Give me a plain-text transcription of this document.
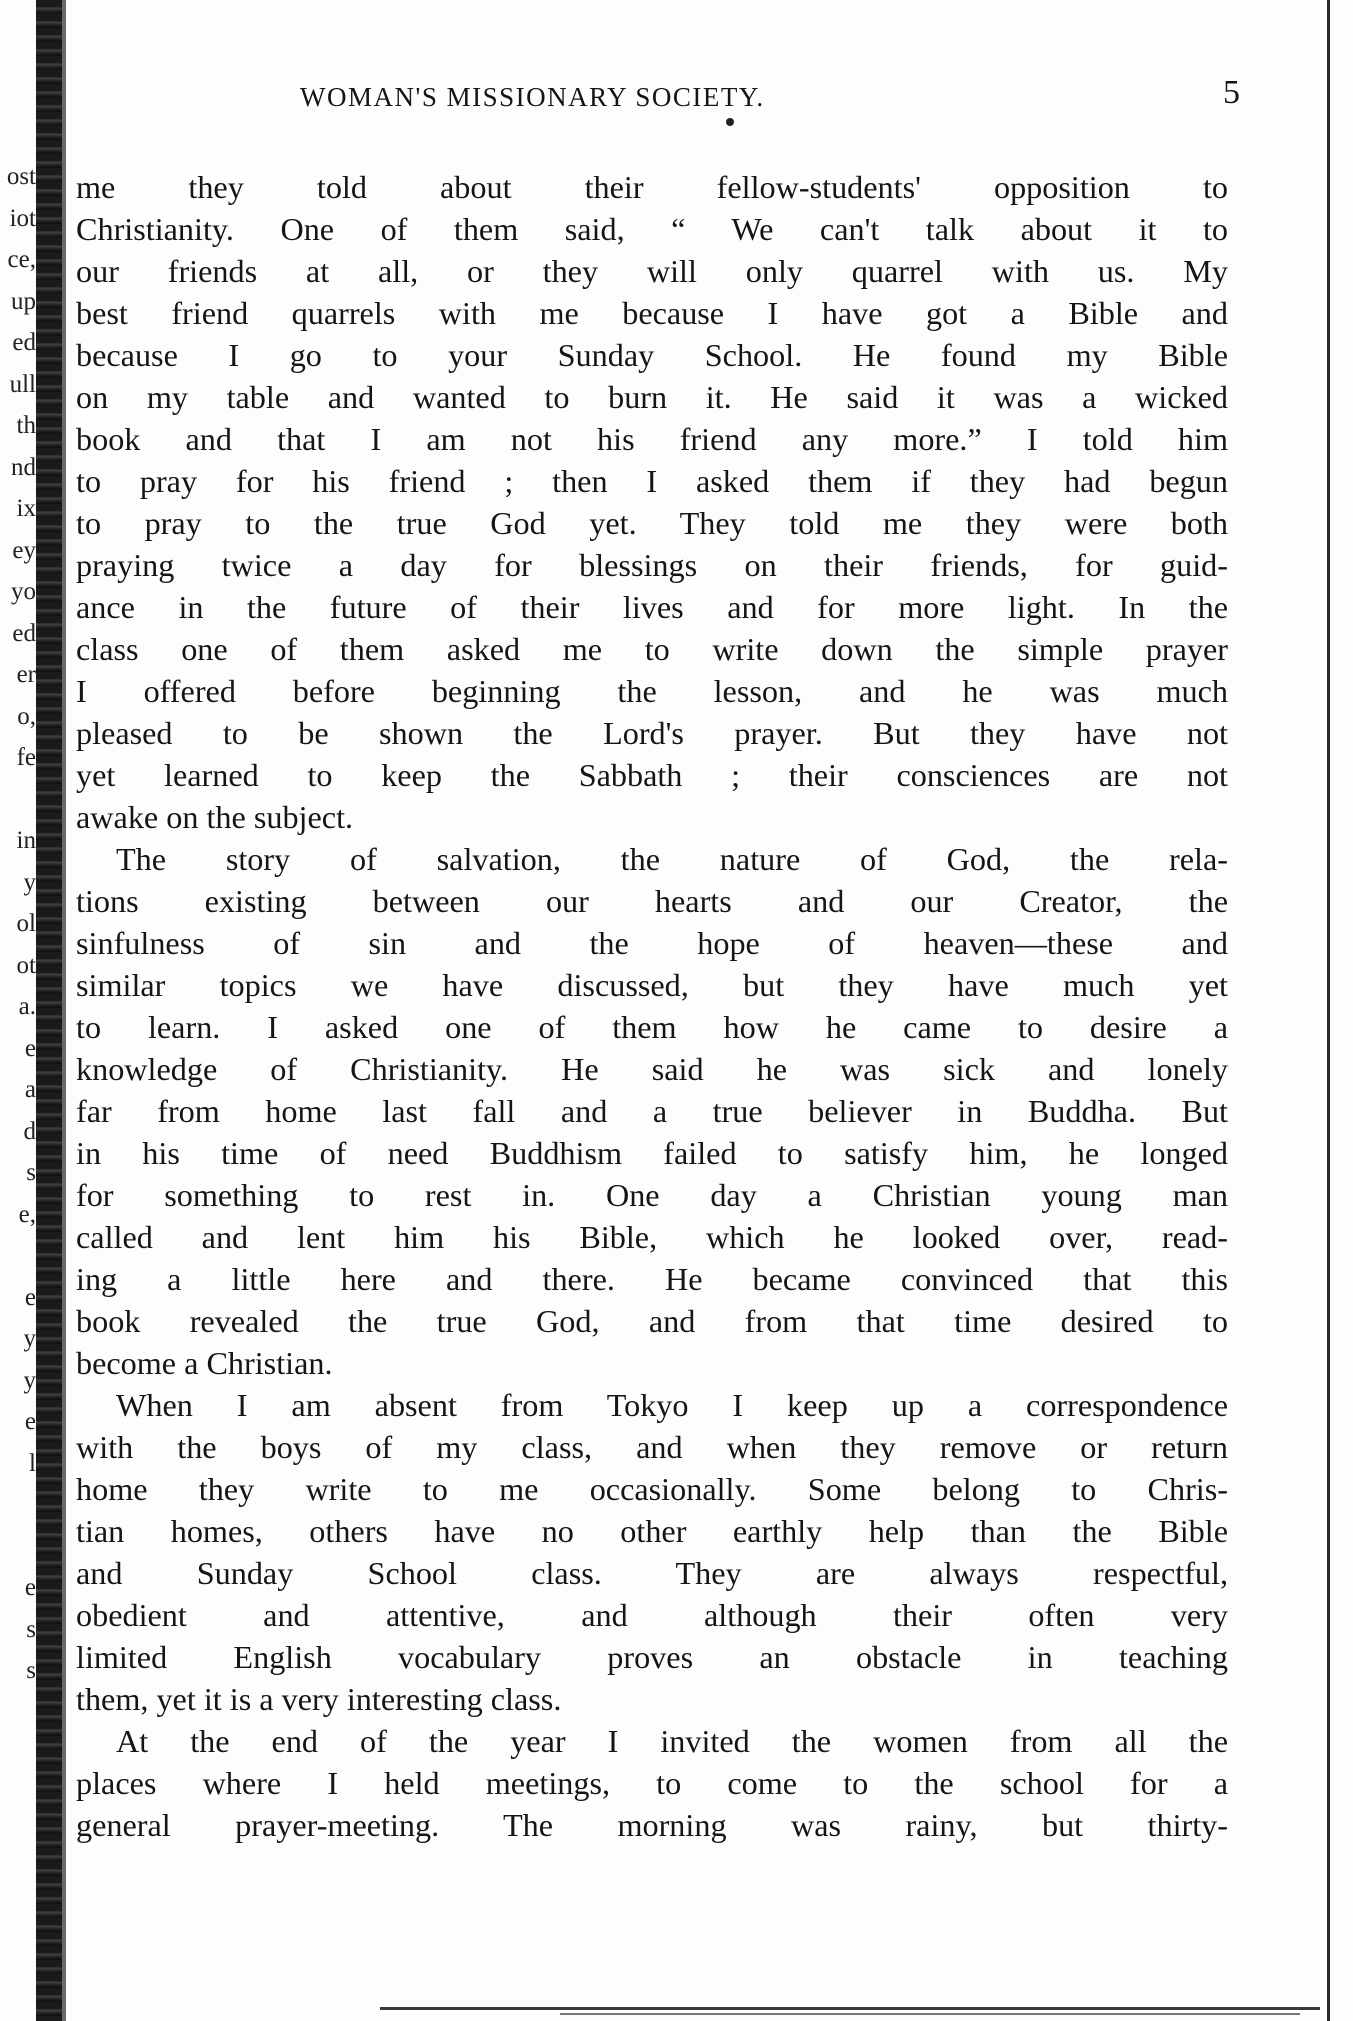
ost
iot
ce,
up
ed
ull
th
nd
ix
ey
yo
ed
er
o,
fe
in
y
ol
ot
a.
e
a
d
s
e,
e
y
y
e
l
e
s
s
WOMAN'S MISSIONARY SOCIETY.	5
me they told about their fellow-students' opposition to
Christianity. One of them said, “ We can't talk about it to
our friends at all, or they will only quarrel with us. My
best friend quarrels with me because I have got a Bible and
because I go to your Sunday School. He found my Bible
on my table and wanted to burn it. He said it was a wicked
book and that I am not his friend any more.” I told him
to pray for his friend ; then I asked them if they had begun
to pray to the true God yet. They told me they were both
praying twice a day for blessings on their friends, for guid-
ance in the future of their lives and for more light. In the
class one of them asked me to write down the simple prayer
I offered before beginning the lesson, and he was much
pleased to be shown the Lord's prayer. But they have not
yet learned to keep the Sabbath ; their consciences are not
awake on the subject.
The story of salvation, the nature of God, the rela-
tions existing between our hearts and our Creator, the
sinfulness of sin and the hope of heaven—these and
similar topics we have discussed, but they have much yet
to learn. I asked one of them how he came to desire a
knowledge of Christianity. He said he was sick and lonely
far from home last fall and a true believer in Buddha. But
in his time of need Buddhism failed to satisfy him, he longed
for something to rest in. One day a Christian young man
called and lent him his Bible, which he looked over, read-
ing a little here and there. He became convinced that this
book revealed the true God, and from that time desired to
become a Christian.
When I am absent from Tokyo I keep up a correspondence
with the boys of my class, and when they remove or return
home they write to me occasionally. Some belong to Chris-
tian homes, others have no other earthly help than the Bible
and Sunday School class. They are always respectful,
obedient and attentive, and although their often very
limited English vocabulary proves an obstacle in teaching
them, yet it is a very interesting class.
At the end of the year I invited the women from all the
places where I held meetings, to come to the school for a
general prayer-meeting. The morning was rainy, but thirty-
